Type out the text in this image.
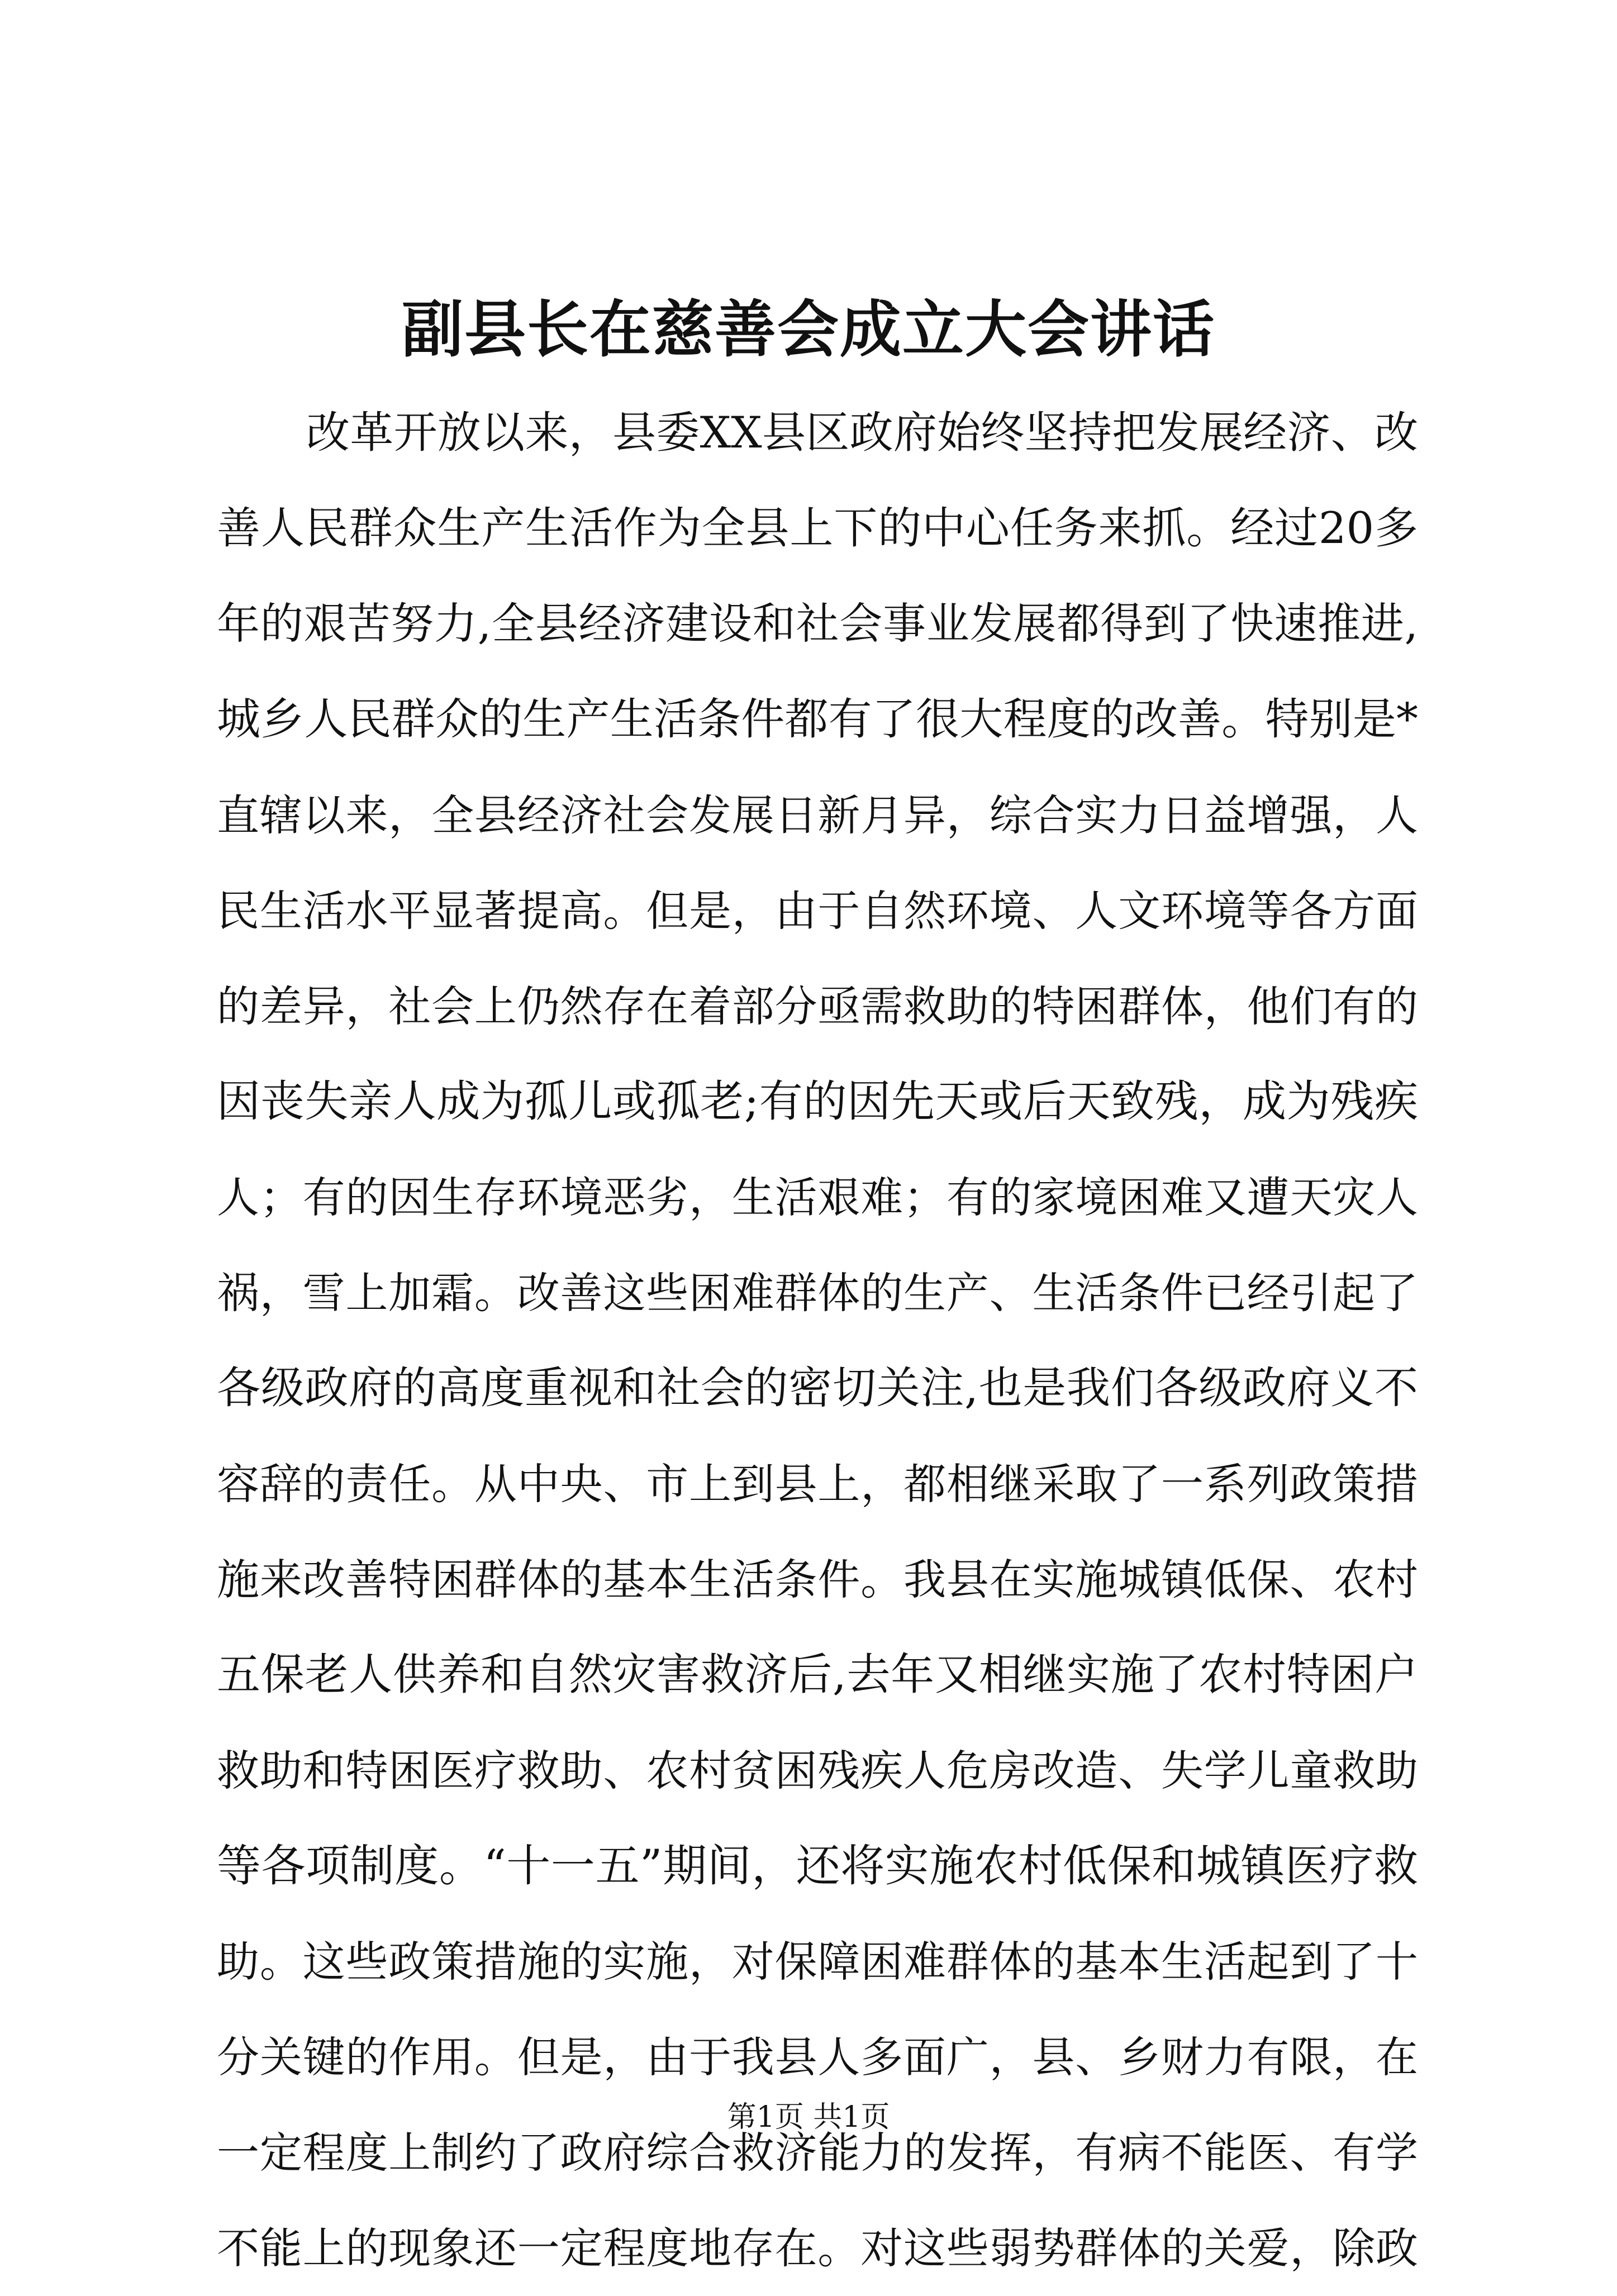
副县长在慈善会成立大会讲话
改革开放以来，县委XX县区政府始终坚持把发展经济、改
善人民群众生产生活作为全县上下的中心任务来抓。经过20多
年的艰苦努力,全县经济建设和社会事业发展都得到了快速推进,
城乡人民群众的生产生活条件都有了很大程度的改善。特别是*
直辖以来，全县经济社会发展日新月异，综合实力日益增强，人
民生活水平显著提高。但是，由于自然环境、人文环境等各方面
的差异，社会上仍然存在着部分亟需救助的特困群体，他们有的
因丧失亲人成为孤儿或孤老;有的因先天或后天致残，成为残疾
人；有的因生存环境恶劣，生活艰难；有的家境困难又遭天灾人
祸，雪上加霜。改善这些困难群体的生产、生活条件已经引起了
各级政府的高度重视和社会的密切关注,也是我们各级政府义不
容辞的责任。从中央、市上到县上，都相继采取了一系列政策措
施来改善特困群体的基本生活条件。我县在实施城镇低保、农村
五保老人供养和自然灾害救济后,去年又相继实施了农村特困户
救助和特困医疗救助、农村贫困残疾人危房改造、失学儿童救助
等各项制度。“十一五”期间，还将实施农村低保和城镇医疗救
助。这些政策措施的实施，对保障困难群体的基本生活起到了十
分关键的作用。但是，由于我县人多面广，县、乡财力有限，在
一定程度上制约了政府综合救济能力的发挥，有病不能医、有学
不能上的现象还一定程度地存在。对这些弱势群体的关爱，除政
第1页 共1页
